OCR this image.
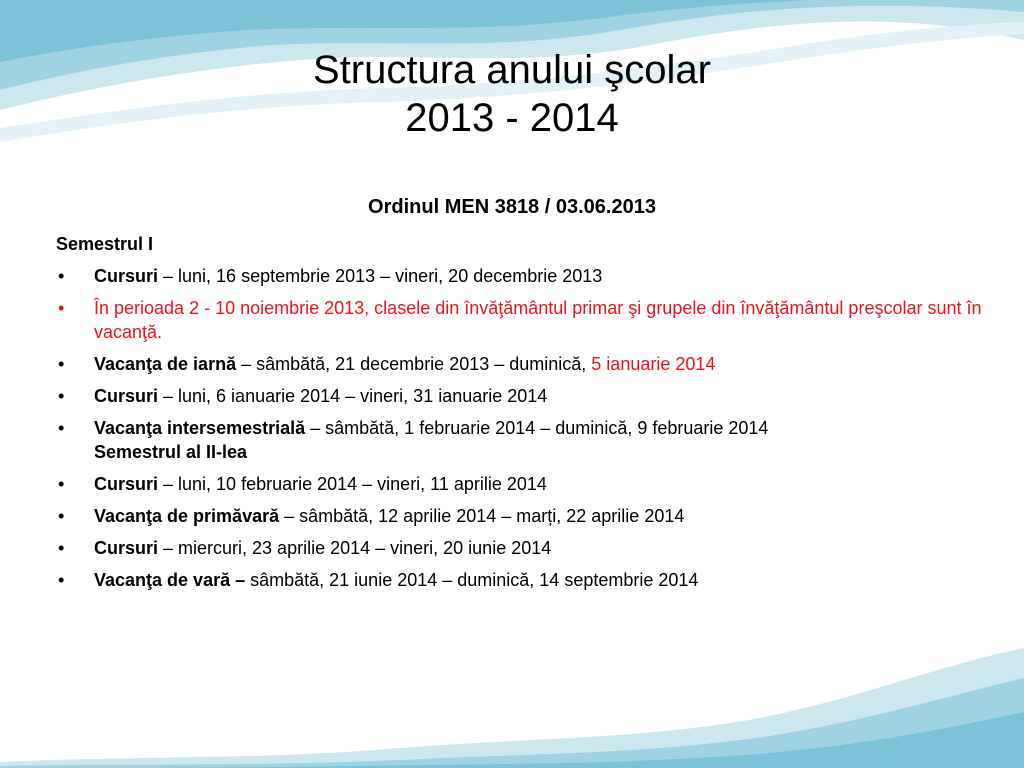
Structura anului şcolar
2013 - 2014
Ordinul MEN 3818 / 03.06.2013
Semestrul I
• Cursuri – luni, 16 septembrie 2013 – vineri, 20 decembrie 2013
• În perioada 2 - 10 noiembrie 2013, clasele din învăţământul primar şi grupele din învăţământul preşcolar sunt în vacanţă.
• Vacanţa de iarnă – sâmbătă, 21 decembrie 2013 – duminică, 5 ianuarie 2014
• Cursuri – luni, 6 ianuarie 2014 – vineri, 31 ianuarie 2014
• Vacanţa intersemestrială – sâmbătă, 1 februarie 2014 – duminică, 9 februarie 2014
Semestrul al II-lea
• Cursuri – luni, 10 februarie 2014 – vineri, 11 aprilie 2014
• Vacanţa de primăvară – sâmbătă, 12 aprilie 2014 – marți, 22 aprilie 2014
• Cursuri – miercuri, 23 aprilie 2014 – vineri, 20 iunie 2014
• Vacanţa de vară – sâmbătă, 21 iunie 2014 – duminică, 14 septembrie 2014
